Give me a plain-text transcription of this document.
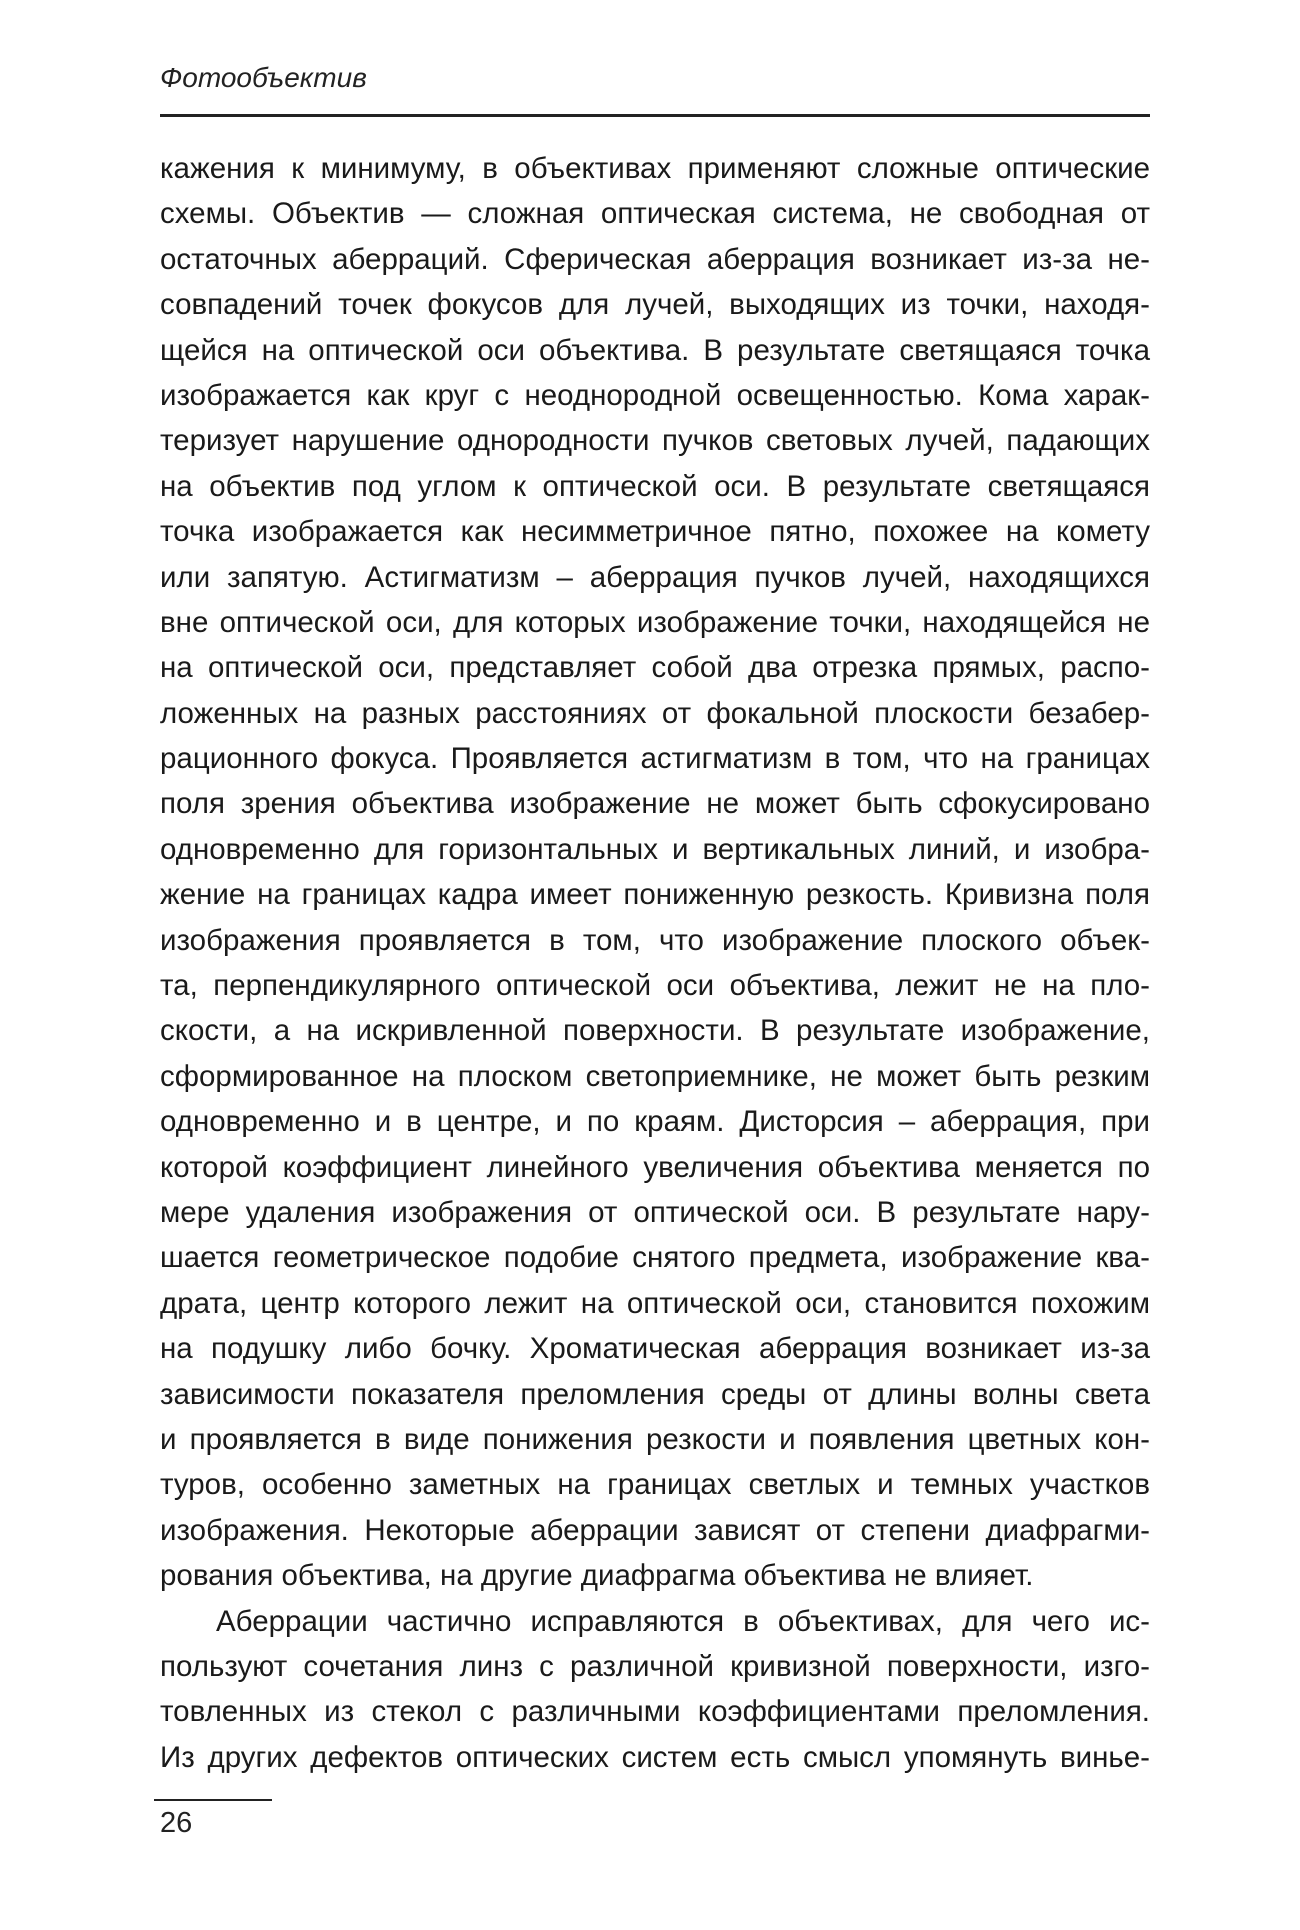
Фотообъектив
кажения к минимуму, в объективах применяют сложные оптические
схемы. Объектив — сложная оптическая система, не свободная от
остаточных аберраций. Сферическая аберрация возникает из-за не-
совпадений точек фокусов для лучей, выходящих из точки, находя-
щейся на оптической оси объектива. В результате светящаяся точка
изображается как круг с неоднородной освещенностью. Кома харак-
теризует нарушение однородности пучков световых лучей, падающих
на объектив под углом к оптической оси. В результате светящаяся
точка изображается как несимметричное пятно, похожее на комету
или запятую. Астигматизм – аберрация пучков лучей, находящихся
вне оптической оси, для которых изображение точки, находящейся не
на оптической оси, представляет собой два отрезка прямых, распо-
ложенных на разных расстояниях от фокальной плоскости безабер-
рационного фокуса. Проявляется астигматизм в том, что на границах
поля зрения объектива изображение не может быть сфокусировано
одновременно для горизонтальных и вертикальных линий, и изобра-
жение на границах кадра имеет пониженную резкость. Кривизна поля
изображения проявляется в том, что изображение плоского объек-
та, перпендикулярного оптической оси объектива, лежит не на пло-
скости, а на искривленной поверхности. В результате изображение,
сформированное на плоском светоприемнике, не может быть резким
одновременно и в центре, и по краям. Дисторсия – аберрация, при
которой коэффициент линейного увеличения объектива меняется по
мере удаления изображения от оптической оси. В результате нару-
шается геометрическое подобие снятого предмета, изображение ква-
драта, центр которого лежит на оптической оси, становится похожим
на подушку либо бочку. Хроматическая аберрация возникает из-за
зависимости показателя преломления среды от длины волны света
и проявляется в виде понижения резкости и появления цветных кон-
туров, особенно заметных на границах светлых и темных участков
изображения. Некоторые аберрации зависят от степени диафрагми-
рования объектива, на другие диафрагма объектива не влияет.
Аберрации частично исправляются в объективах, для чего ис-
пользуют сочетания линз с различной кривизной поверхности, изго-
товленных из стекол с различными коэффициентами преломления.
Из других дефектов оптических систем есть смысл упомянуть винье-
26
